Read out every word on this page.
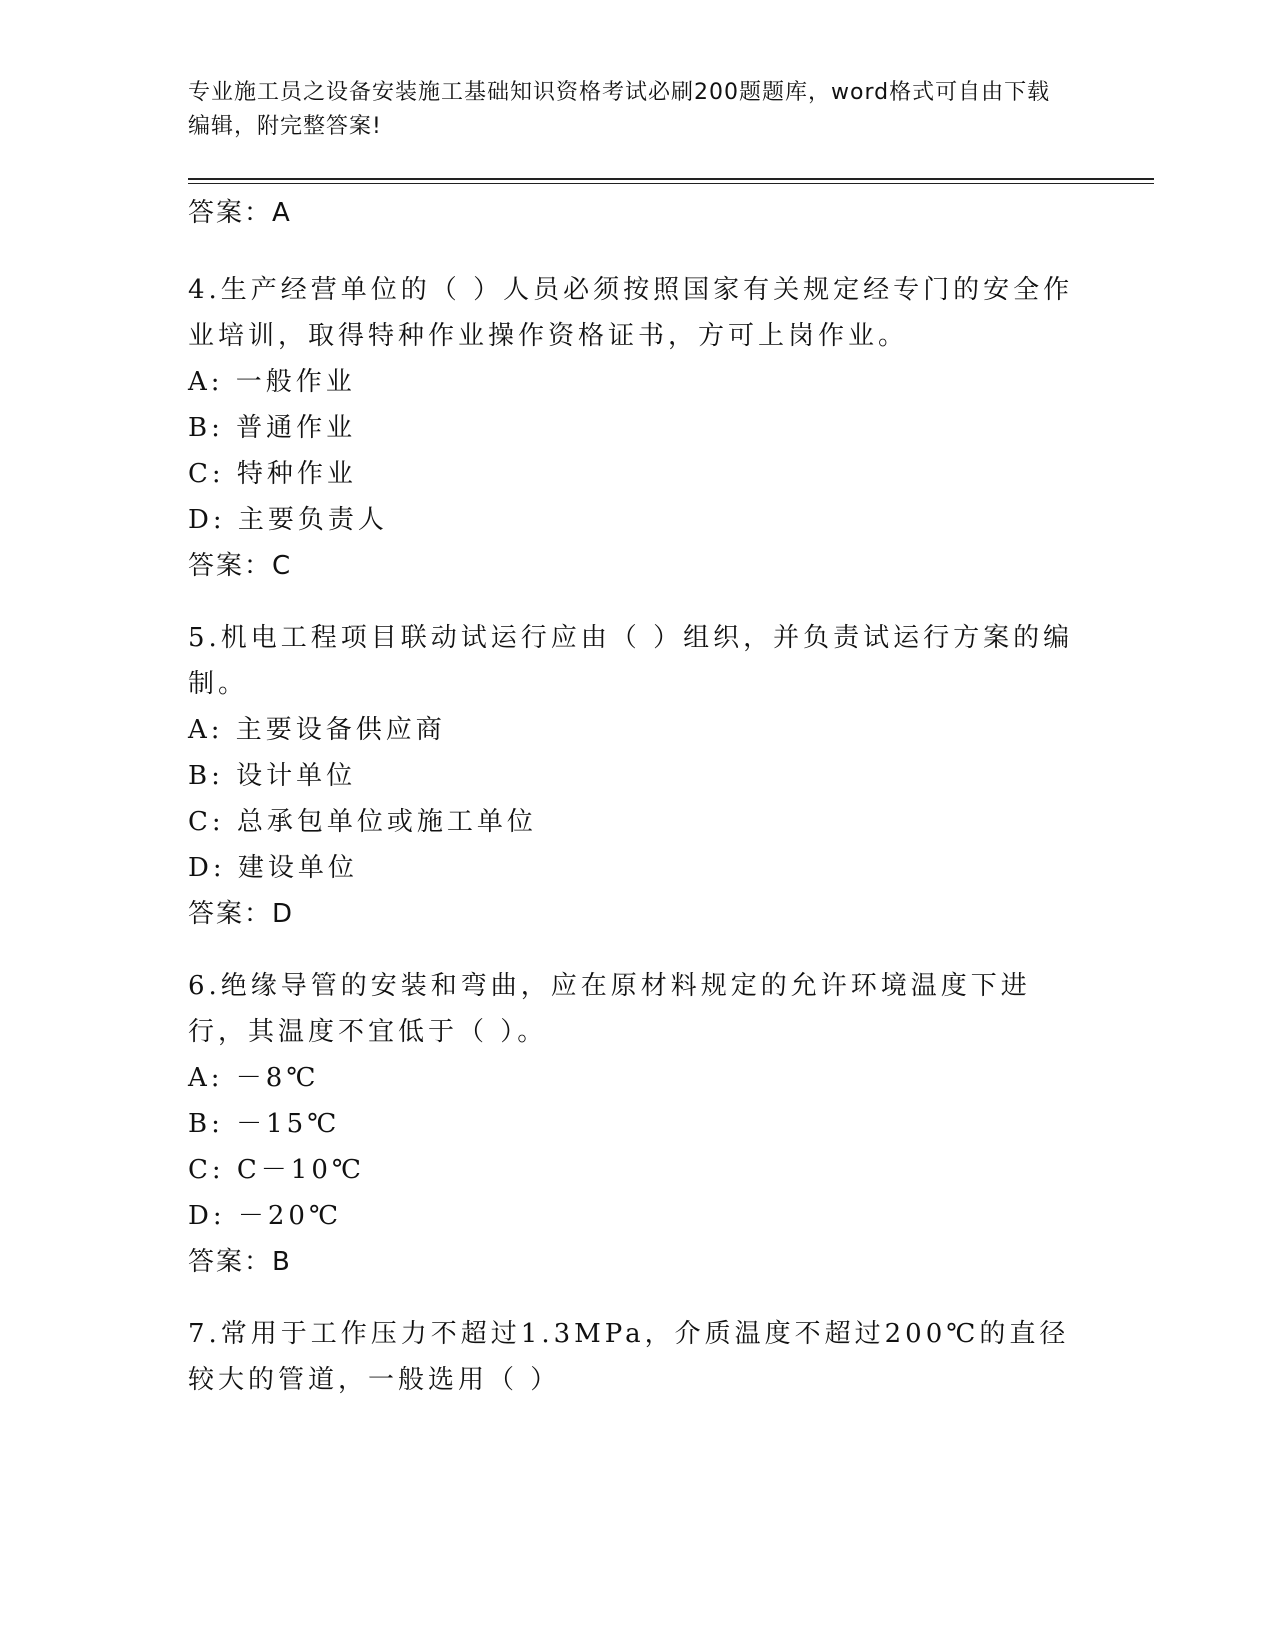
专业施工员之设备安装施工基础知识资格考试必刷200题题库，word格式可自由下载编辑，附完整答案!
答案：A
4.生产经营单位的（ ）人员必须按照国家有关规定经专门的安全作业培训，取得特种作业操作资格证书，方可上岗作业。
A: 一般作业
B: 普通作业
C: 特种作业
D: 主要负责人
答案：C
5.机电工程项目联动试运行应由（ ）组织，并负责试运行方案的编制。
A: 主要设备供应商
B: 设计单位
C: 总承包单位或施工单位
D: 建设单位
答案：D
6.绝缘导管的安装和弯曲，应在原材料规定的允许环境温度下进行，其温度不宜低于（ ）。
A: －8℃
B: －15℃
C: C－10℃
D: －20℃
答案：B
7.常用于工作压力不超过1.3MPa，介质温度不超过200℃的直径较大的管道，一般选用（ ）
